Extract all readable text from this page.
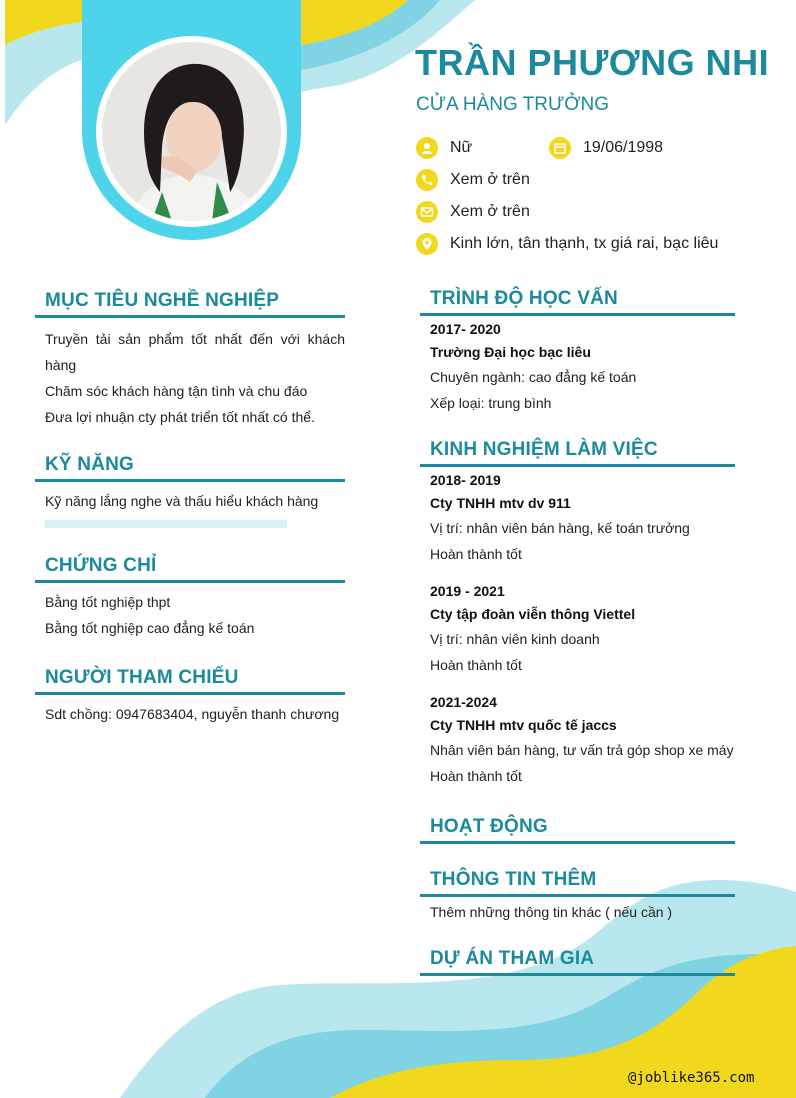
TRẦN PHƯƠNG NHI
CỬA HÀNG TRƯỞNG
Nữ	19/06/1998
Xem ở trên
Xem ở trên
Kinh lớn, tân thạnh, tx giá rai, bạc liêu
MỤC TIÊU NGHỀ NGHIỆP
Truyền tải sản phẩm tốt nhất đến với khách hàng
Chăm sóc khách hàng tận tình và chu đáo
Đưa lợi nhuận cty phát triển tốt nhất có thể.
KỸ NĂNG
Kỹ năng lắng nghe và thấu hiểu khách hàng
CHỨNG CHỈ
Bằng tốt nghiệp thpt
Bằng tốt nghiệp cao đẳng kế toán
NGƯỜI THAM CHIẾU
Sdt chồng: 0947683404, nguyễn thanh chương
TRÌNH ĐỘ HỌC VẤN
2017- 2020
Trường Đại học bạc liêu
Chuyên ngành: cao đẳng kế toán
Xếp loại: trung bình
KINH NGHIỆM LÀM VIỆC
2018- 2019
Cty TNHH mtv dv 911
Vị trí: nhân viên bán hàng, kế toán trưởng
Hoàn thành tốt
2019 - 2021
Cty tập đoàn viễn thông Viettel
Vị trí: nhân viên kinh doanh
Hoàn thành tốt
2021-2024
Cty TNHH mtv quốc tế jaccs
Nhân viên bán hàng, tư vấn trả góp shop xe máy
Hoàn thành tốt
HOẠT ĐỘNG
THÔNG TIN THÊM
Thêm những thông tin khác ( nếu cần )
DỰ ÁN THAM GIA
@joblike365.com
